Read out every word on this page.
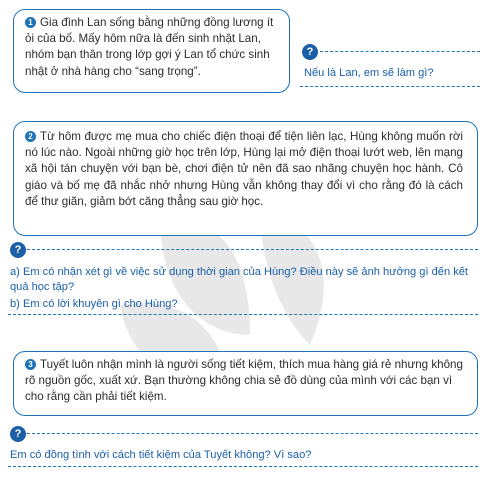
1 Gia đình Lan sống bằng những đồng lương ít ỏi của bố. Mấy hôm nữa là đến sinh nhật Lan, nhóm bạn thân trong lớp gợi ý Lan tổ chức sinh nhật ở nhà hàng cho “sang trọng”.
?
Nếu là Lan, em sẽ làm gì?
2 Từ hôm được mẹ mua cho chiếc điện thoại để tiện liên lạc, Hùng không muốn rời nó lúc nào. Ngoài những giờ học trên lớp, Hùng lại mở điện thoại lướt web, lên mạng xã hội tán chuyện với bạn bè, chơi điện tử nên đã sao nhãng chuyện học hành. Cô giáo và bố mẹ đã nhắc nhở nhưng Hùng vẫn không thay đổi vì cho rằng đó là cách để thư giãn, giảm bớt căng thẳng sau giờ học.
?
a) Em có nhận xét gì về việc sử dụng thời gian của Hùng? Điều này sẽ ảnh hưởng gì đến kết quả học tập?
b) Em có lời khuyên gì cho Hùng?
3 Tuyết luôn nhận mình là người sống tiết kiệm, thích mua hàng giá rẻ nhưng không rõ nguồn gốc, xuất xứ. Bạn thường không chia sẻ đồ dùng của mình với các bạn vì cho rằng cần phải tiết kiệm.
?
Em có đồng tình với cách tiết kiệm của Tuyết không? Vì sao?
